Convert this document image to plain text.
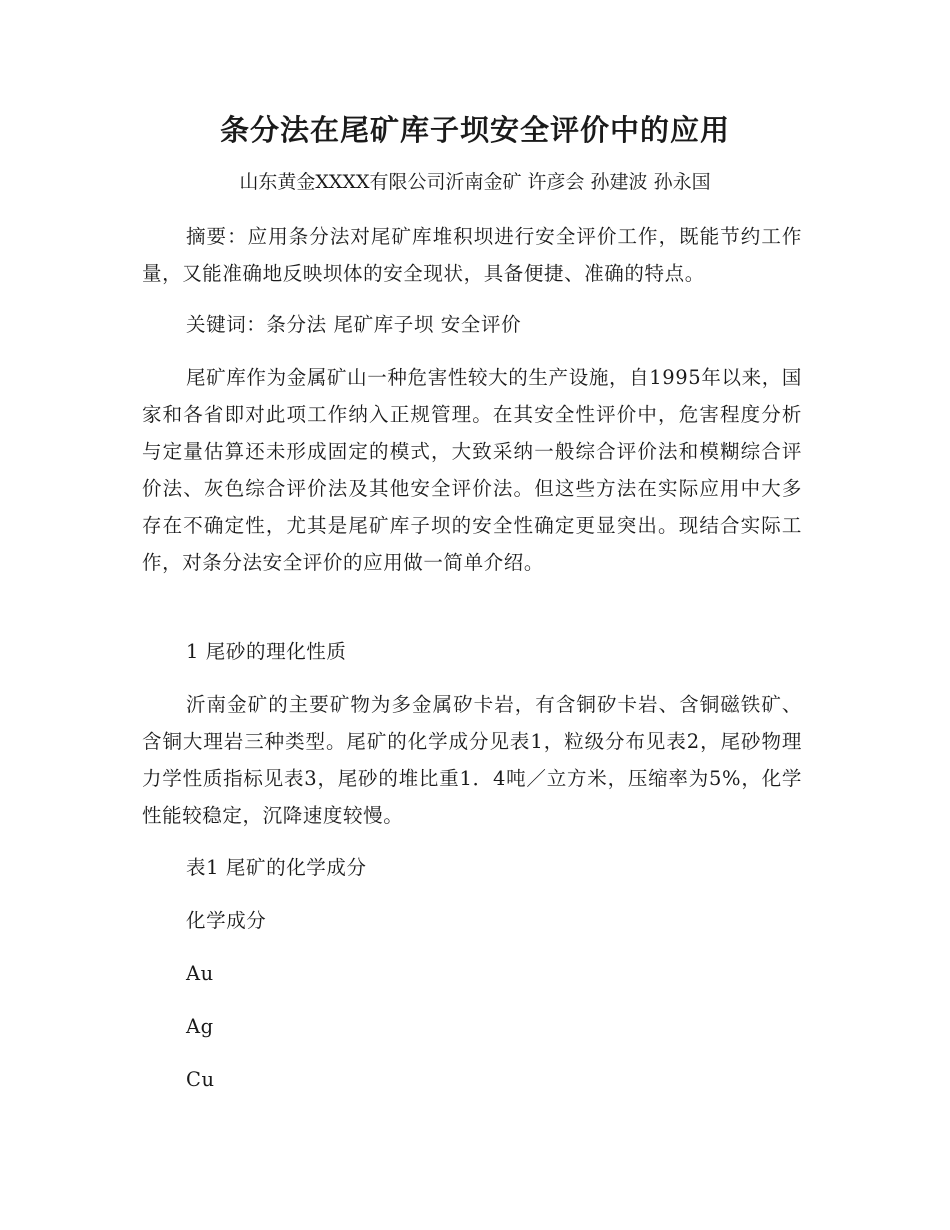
条分法在尾矿库子坝安全评价中的应用
山东黄金XXXX有限公司沂南金矿 许彦会 孙建波 孙永国

摘要：应用条分法对尾矿库堆积坝进行安全评价工作，既能节约工作量，又能准确地反映坝体的安全现状，具备便捷、准确的特点。

关键词：条分法 尾矿库子坝 安全评价

尾矿库作为金属矿山一种危害性较大的生产设施，自1995年以来，国家和各省即对此项工作纳入正规管理。在其安全性评价中，危害程度分析与定量估算还未形成固定的模式，大致采纳一般综合评价法和模糊综合评价法、灰色综合评价法及其他安全评价法。但这些方法在实际应用中大多存在不确定性，尤其是尾矿库子坝的安全性确定更显突出。现结合实际工作，对条分法安全评价的应用做一简单介绍。

1 尾砂的理化性质

沂南金矿的主要矿物为多金属矽卡岩，有含铜矽卡岩、含铜磁铁矿、含铜大理岩三种类型。尾矿的化学成分见表1，粒级分布见表2，尾砂物理力学性质指标见表3，尾砂的堆比重1．4吨／立方米，压缩率为5%，化学性能较稳定，沉降速度较慢。

表1 尾矿的化学成分
化学成分
Au
Ag
Cu
